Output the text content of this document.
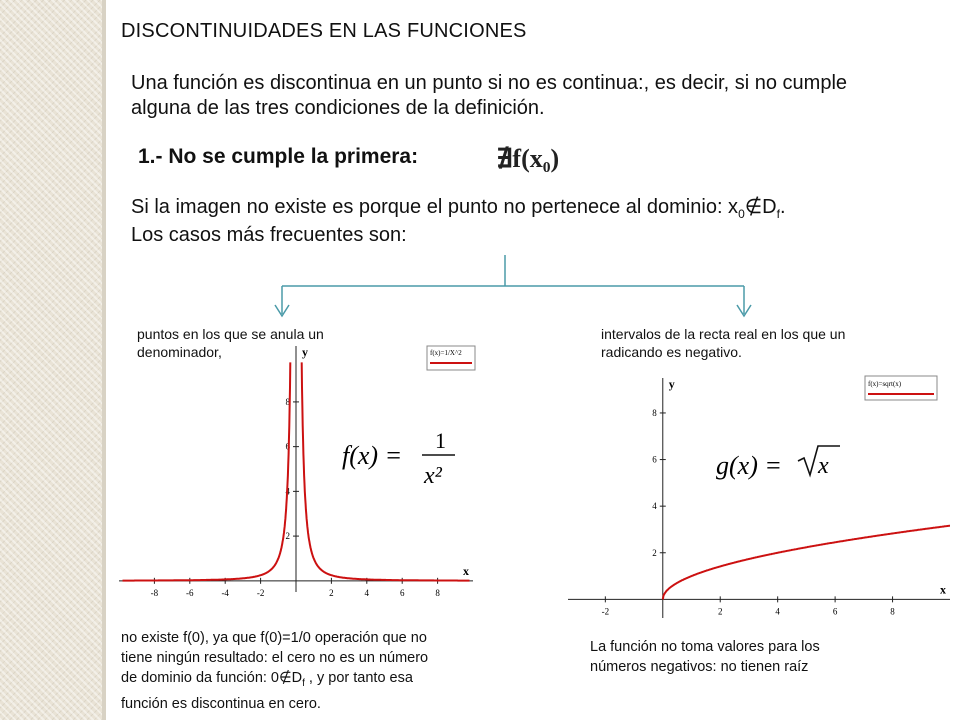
DISCONTINUIDADES EN LAS FUNCIONES
Una función es discontinua en un punto si no es continua:, es decir, si no cumple
alguna de las tres condiciones de la definición.
1.- No se cumple la primera:	∄f(x₀)
Si la imagen no existe es porque el punto no pertenece al dominio: $x_0\notin D_f$.
Los casos más frecuentes son:
puntos en los que se anula un denominador,
intervalos de la recta real en los que un radicando es negativo.
-8	-6	-4	-2	2	4	6	8
2
4
6
8
x
y	f(x)=1/X^2
f(x) =
1
x²
-2	2	4	6	8
2
4
6
8
x
y	f(x)=sqrt(x)
g(x) = x
no existe f(0), ya que f(0)=1/0 operación que no
tiene ningún resultado: el cero no es un número
de dominio da función: $0\notin D_f$ , y por tanto esa
función es discontinua en cero.
La función no toma valores para los
números negativos: no tienen raíz
